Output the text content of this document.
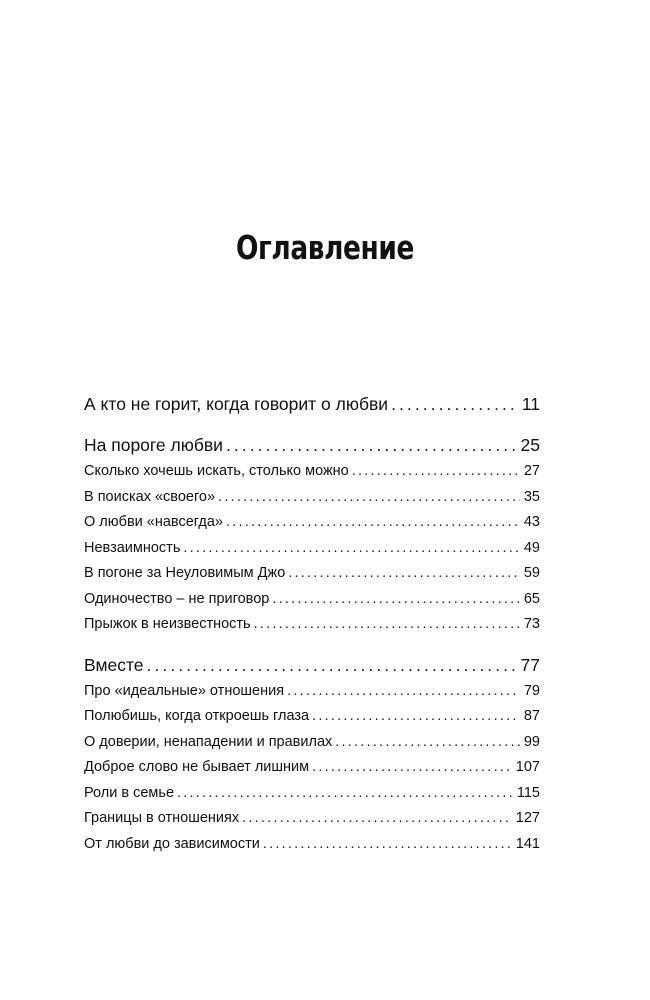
Оглавление
А кто не горит, когда говорит о любви . . .	11
На пороге любви . . .	25
Сколько хочешь искать, столько можно . . .	27
В поисках «своего» . . .	35
О любви «навсегда» . . .	43
Невзаимность . . .	49
В погоне за Неуловимым Джо . . .	59
Одиночество – не приговор . . .	65
Прыжок в неизвестность . . .	73
Вместе . . .	77
Про «идеальные» отношения . . .	79
Полюбишь, когда откроешь глаза . . .	87
О доверии, ненападении и правилах . . .	99
Доброе слово не бывает лишним . . .	107
Роли в семье . . .	115
Границы в отношениях . . .	127
От любви до зависимости . . .	141
